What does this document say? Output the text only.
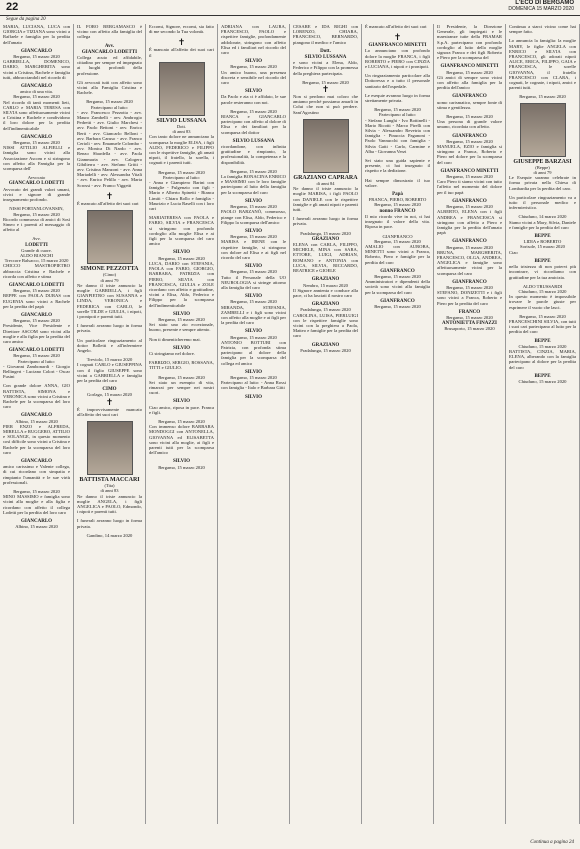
22	L'ECO DI BERGAMO
DOMENICA 15 MARZO 2020
Segue da pagina 20
MARIA, LUCIANA, LUCA con GIORGIA e TIZIANA sono vicini a Raffaele e famiglia per la perdita dell'amato
GIANCARLO
Bergamo, 15 marzo 2020
GABRIELLA, DOMENICO, DARIO, MARGHERITA sono vicini a Cristina, Rachele e famiglia tutti, abbracciandoli nel ricordo di
GIANCARLO
amico di una vita.
Bergamo, 15 marzo 2020
Nel ricordo di tanti momenti lieti, CARLO e MARIA TERESA con SILVIA sono affettuosamente vicini a Cristina e Rachele e condividono il loro dolore per la perdita dell'indimenticabile
GIANCARLO
Bergamo, 15 marzo 2020
NISSI ATTILIO ALFIELLI e famiglia sono vicini alla Associazione Ascom e si stringono con affetto alla Famiglia per la scomparsa dell'
Avvocato
GIANCARLO LODETTI
Avvocato dei grandi valori umani, civici e signore di grande insegnamento profondo.
NISSI PORTANLOVANSIN, Bergamo, 15 marzo 2020
Ricordo commosso di amici di Sosì Simeo e i parenti al messaggio di affetto al
Avv.
LODETTI
Grande di cuore.
ALDO BIANCHI
Treccore Balsacco, 15 marzo 2020
CHICCO MASTROPIETRO abbraccia Cristina e Rachele e ricorda con affetto e stima
GIANCARLO LODETTI
Bergamo, 15 marzo 2020
BEPPE con PAOLA DURAS con EUGENIA sono vicini a Rachele per la perdita del papà
GIANCARLO
Bergamo, 15 marzo 2020
Presidente, Vice Presidente e Direttore ASCOM sono vicini alla moglie e alla figlia per la perdita del caro amico
GIANCARLO LODETTI
Bergamo, 15 marzo 2020
Partecipano al lutto:
- Giovanni Zambonardi - Giorgio Bellingeri - Luciano Colori - Oscar Fusini
Con grande dolore ANNA, GIO BATTISTA, SIMONA e VERONICA sono vicini a Cristina e Rachele per la scomparsa del loro caro
GIANCARLO
Albino, 15 marzo 2020
PIER ENZO e ALFREDA, MIRELLA e RUGGERO, ATTILIO e SOLANGE, in questo momento così difficile sono vicini a Cristina e Rachele per la scomparsa del loro caro
GIANCARLO
amico carissimo e Valente collega, di cui ricordano con simpatia e rimpianto l'umanità e le sue virtù professionali.
Bergamo, 15 marzo 2020
MINO MASSIMO e famiglia sono vicini alla moglie e alla figlia e ricordano con affetto il collega Lodetti per la perdita del loro caro
GIANCARLO
Albino, 15 marzo 2020
IL FORO BERGAMASCO è vicino con affetto alla famiglia del collega
Avv.
GIANCARLO LODETTI
Collega acuto ed affidabile, cittadino per sempre ed impegnato ai luoghi profondi della professione.
Gli avvocati tutti con affetto sono vicini alla Famiglia Cristina e Rachele.
Bergamo, 15 marzo 2020
Partecipano al lutto:
- avv. Francesco Pezzotta - avv. Mauro Zambelli - avv. Ambrogio Pedretti - avv. Giulio Marchesi - avv. Paolo Bettoni - avv. Enrico Berti - avv. Giancarlo Belloni - avv. Barbara Caruso - avv. Franco Cerioli - avv. Emanuele Colombo - avv. Monica Di Nardo - avv. Renzo Sbardella - avv. Paola Giammaria - avv. Calogero Gibilterra - avv. Stefano Gritti - avv. Cristina Manzoni - avv. Anna Mariadelli - avv. Alessandra Vitali - avv. Enrico Pelillo - avv. Marta Scrossi - avv. Franco Viggetti
✝
È mancato all'affetto dei suoi cari
SIMONE PEZZOTTA
(Cimo)
di anni 79
Ne danno il triste annuncio la moglie GABRIELLA, i figli GIANPIETRO con SUSANNA e LINDA, VERONICA e FEDERICA con CARLO, le sorelle TILDE e GIULIA, i nipoti, i pronipoti e parenti tutti.
I funerali avranno luogo in forma privata.
Un particolare ringraziamento al dottor Bolletti e all'infermiere Angelo.
Treviolo, 15 marzo 2020
I cognati CARLO e GIUSEPPINA con il figlio GIUSEPPE sono vicini a GABRIELLA e famiglia per la perdita del caro
CIMO
Gorlago, 15 marzo 2020
✝
È improvvisamente mancato all'affetto dei suoi cari
BATTISTA MACCARI
(Tita)
di anni 83
Ne danno il triste annuncio la moglie ANGELA, i figli ANGELICA e PAOLO, Edmondo, i nipoti e parenti tutti.
I funerali avranno luogo in forma privata.
Gandino, 14 marzo 2020
Eccomi, Signore, eccomi, sia fatto di me secondo la Tua volontà.
✝
È mancato all'affetto dei suoi cari il
SILVIO LUSSANA
Dott.
di anni 83
Con tanto dolore ne annunciano la scomparsa la moglie ELISA, i figli ALDO, FEDERICO e FILIPPO con le rispettive famiglie, gli amati nipoti, il fratello, la sorella, i cognati e i parenti tutti.
Bergamo, 15 marzo 2020
Partecipano al lutto:
- Anna e Giampiero Barini con famiglie - Fulgenzio con figli - Mario e Alberto Spinetti - Bianca Limiti - Chiara Rollo e famiglia - Maurizio e Lucia Raselli con i loro cari
MARIATERESA con PAOLA e FABIO, SILVIA e FRANCESCA si stringono con profondo cordoglio alla moglie Elisa e ai figli per la scomparsa del caro amico
SILVIO
Bergamo, 15 marzo 2020
LUCA, DARIO con STEFANIA, PAOLA con FABIO, GIORGIO, BARBARA, PATRIZIA con PIERO, SILVIA con FRANCESCA, GIULIA e ZOLE ricordano con affetto e gratitudine, vicini a Elisa, Aldo, Federico e Filippo per la scomparsa dell'indimenticabile
SILVIO
Bergamo, 15 marzo 2020
Sei stato uno zio eccezionale, buono, presente e sempre attento.
Non ti dimenticheremo mai.
SILVIO
Ci stringiamo nel dolore.
FABRIZIO, SERGIO, ROSSANA, TITTI e GIULIO.
Bergamo, 15 marzo 2020
Sei stato un esempio di vita, rimarrai per sempre nei nostri cuori.
SILVIO
Ciao amico, riposa in pace. Franca e figli.
Bergamo, 15 marzo 2020
Con immenso dolore BARBARA MONDOGGI con ANTONELLA, GIOVANNA ed ELISABETTA sono vicini alla moglie, ai figli e parenti tutti per la scomparsa dell'amico
SILVIO
Bergamo, 15 marzo 2020
ADRIANA con LAURA, FRANCESCO, PAOLO e rispettive famiglie, profondamente addolorate, stringono con affetto Elisa ed i familiari nel ricordo del caro
SILVIO
Bergamo, 15 marzo 2020
Un amico buono, una presenza discreta e sensibile nel ricordo del caro
SILVIO
Da Paolo e zia ci è affidato, le sue parole resteranno con noi.
Bergamo, 15 marzo 2020
BIANCA e GIANCARLO partecipano con affetto al dolore di Elisa e dei familiari per la scomparsa del dottor
SILVIO LUSSANA
ricordandone, con infinita gratitudine e rimpianto, la professionalità, la competenza e la disponibilità.
Bergamo, 15 marzo 2020
La famiglia BONACINA ENRICO e MASSIMO con le loro famiglie partecipano al lutto della famiglia per la scomparsa del caro
SILVIO
Bergamo, 15 marzo 2020
PAOLO BARZANÒ, commosso, piange con Elisa, Aldo, Federico e Filippo la scomparsa dell'amico
SILVIO
Bergamo, 15 marzo 2020
MARISA e IRENE con le rispettive famiglie, si stringono con dolore ad Elisa e ai figli nel ricordo del caro
SILVIO
Bergamo, 15 marzo 2020
Tutto il Personale della UO NEUROLOGIA si stringe attorno alla famiglia del caro
SILVIO
Bergamo, 15 marzo 2020
MIRANDA, STEFANIA, ZAMBELLI e i figli sono vicini con affetto alla moglie e ai figli per la perdita del caro
SILVIO
Bergamo, 15 marzo 2020
ANTONIO BOTTURI con Patrizia, con profonda stima partecipano al dolore della famiglia per la scomparsa del collega ed amico
SILVIO
Bergamo, 15 marzo 2020
Partecipano al lutto: - Anna Rossi con famiglia - Italo e Barbara Gitti
SILVIO
CESARE e IDA RIGHI con LORENZO, CHIARA, FRANCESCO, BERNARDO, piangono il medico e l'amico
Dott.
SILVIO LUSSANA
e sono vicini a Elena, Aldo, Federico e Filippo con la promessa della preghiera partecipata.
Bergamo, 15 marzo 2020
✝
Non si perdono mai coloro che amiamo perché possiamo amarli in Colui che non si può perdere. Sant'Agostino
GRAZIANO CAPRARA
di anni 84
Ne danno il triste annuncio la moglie MARISA, i figli PAOLO con DANIELE con le rispettive famiglie e gli amati nipoti e parenti tutti.
I funerali avranno luogo in forma privata.
Pradalunga, 15 marzo 2020
GRAZIANO
ELENA con CARLA, FILIPPO, MICHELE, MINA con SARA, ETTORE, LUIGI, ADRIAN, ROMANO e ANTONIA con LUCA, SILVIA, RICCARDO, BEATRICE e GIOELE
GRAZIANO
Nembro, 15 marzo 2020
Il Signore annienta e conduce alla pace, ci ha lasciati il nostro caro
GRAZIANO
Pradalunga, 15 marzo 2020
CAROLINA, LUISA, PIERLUIGI con le rispettive famiglie sono vicini con la preghiera a Paola, Matteo e famiglie per la perdita del caro
GRAZIANO
Pradalunga, 15 marzo 2020
È mancato all'affetto dei suoi cari
✝
GIANFRANCO MINETTI
Lo annunciano con profondo dolore la moglie FRANCA, i figli ROBERTO e PIERO con CINZIA e LUCIANA, i nipoti e i pronipoti.
Un ringraziamento particolare alla Dottoressa e a tutto il personale sanitario dell'ospedale.
Le esequie avranno luogo in forma strettamente privata.
Bergamo, 15 marzo 2020
Partecipano al lutto:
- Stefano Lunghi - Ivo Bottinelli - Mario Ricotti - Marco Pirelli con Silvia - Alessandro Revetria con famiglia - Pinuccia Paganoni - Paolo Vannucchi con famiglia - Silvia Gatti - Carlo, Carmine e Alba - Giovanna Verzi
Sei stato una guida sapiente e presente, ci hai insegnato il rispetto e la dedizione.
Hai sempre dimostrato il tuo valore.
Papà
FRANCA, PIERO, ROBERTO
Bergamo, 15 marzo 2020
nonno FRANCO
Il mio ricordo vive in noi, ci hai insegnato il valore della vita. Riposa in pace.
GIANFRANCO
Bergamo, 15 marzo 2020
AMALIO con AUROBA, MINETTI sono vicini a Franca, Roberto, Piero e famiglie per la perdita del caro
GIANFRANCO
Bergamo, 15 marzo 2020
Amministratori e dipendenti della società sono vicini alla famiglia per la scomparsa del caro
GIANFRANCO
Bergamo, 15 marzo 2020
Il Presidente, la Direzione Generale, gli impiegati e le maestranze tutte della FRAMAR S.p.A. partecipano con profondo cordoglio al lutto della moglie signora Franca e dei figli Roberto e Piero per la scomparsa del
GIANFRANCO MINETTI
Bergamo, 15 marzo 2020
Gli amici di sempre sono vicini con affetto alla famiglia per la perdita dell'amico
GIANFRANCO
uomo carismatico, sempre fonte di stima e gentilezza.
Bergamo, 15 marzo 2020
Una persona di grande valore umano, ricordata con affetto.
GIANFRANCO
Bergamo, 15 marzo 2020
MANUELA, EZIO e famiglia si stringono a Franca, Roberto e Piero nel dolore per la scomparsa del caro
GIANFRANCO MINETTI
Bergamo, 15 marzo 2020
Caro Piero ti siamo vicini con tutto l'affetto nel momento del dolore per il tuo papà
GIANFRANCO
Bergamo, 15 marzo 2020
ALBERTO, ELENA con i figli ANDREA e FRANCESCA si stringono con affetto a Piero e famiglia per la perdita dell'amato papà
GIANFRANCO
Bergamo, 15 marzo 2020
BRUNA, MARGHERITA, FRANCESCO, OLGA, ANDREA, ANGELICA e famiglie sono affettuosamente vicini per la scomparsa del caro
GIANFRANCO
Bergamo, 15 marzo 2020
STEFANO, DONIZETTI e i figli sono vicini a Franca, Roberto e Piero per la perdita del caro
FRANCO
Bergamo, 15 marzo 2020
ANTONIETTA FINAZZI
Brusaporto, 15 marzo 2020
Continua a starci vicino come hai sempre fatto.
Lo annuncia la famiglia: la moglie MARY, le figlie ANGELA con ENRICO e SILVIA con FRANCESCO, gli adorati nipoti ALICE, ERICA, FILIPPO, GAIA e FRANCESCA, le sorelle GIOVANNA, il fratello FRANCESCO con CLARA, i cognati, le cognate, i nipoti, amici e parenti tutti.
Bergamo, 15 marzo 2020
GIUSEPPE BARZASI
(Beppe)
di anni 79
Le Esequie saranno celebrate in forma privata nella Chiesa di Lombardia per la perdita del caro.
Un particolare ringraziamento va a tutto il personale medico e infermieristico.
Chiuduno, 14 marzo 2020
Siamo vicini a Mary, Silvia, Daniele e famiglie per la perdita del caro
BEPPE
LIDIA e ROBERTO
Sorisole, 15 marzo 2020
Ciao
BEPPE
nella tristezza di non potervi più incontrare, vi ricordiamo con gratitudine per la tua amicizia.
ALDO TRUSSARDI
Chiuduno, 15 marzo 2020
In questo momento è impossibile trovare le parole giuste per esprimere il vuoto che lasci.
Bergamo, 15 marzo 2020
FRANCESCHINI SILVIA, con tutti i suoi cari partecipano al lutto per la perdita del caro
BEPPE
Chiuduno, 15 marzo 2020
BATTISTA, CINZIA, MARIA, ELENA, alberando con la famiglia partecipano al dolore per la perdita del caro
BEPPE
Chiuduno, 15 marzo 2020
Continua a pagina 24
